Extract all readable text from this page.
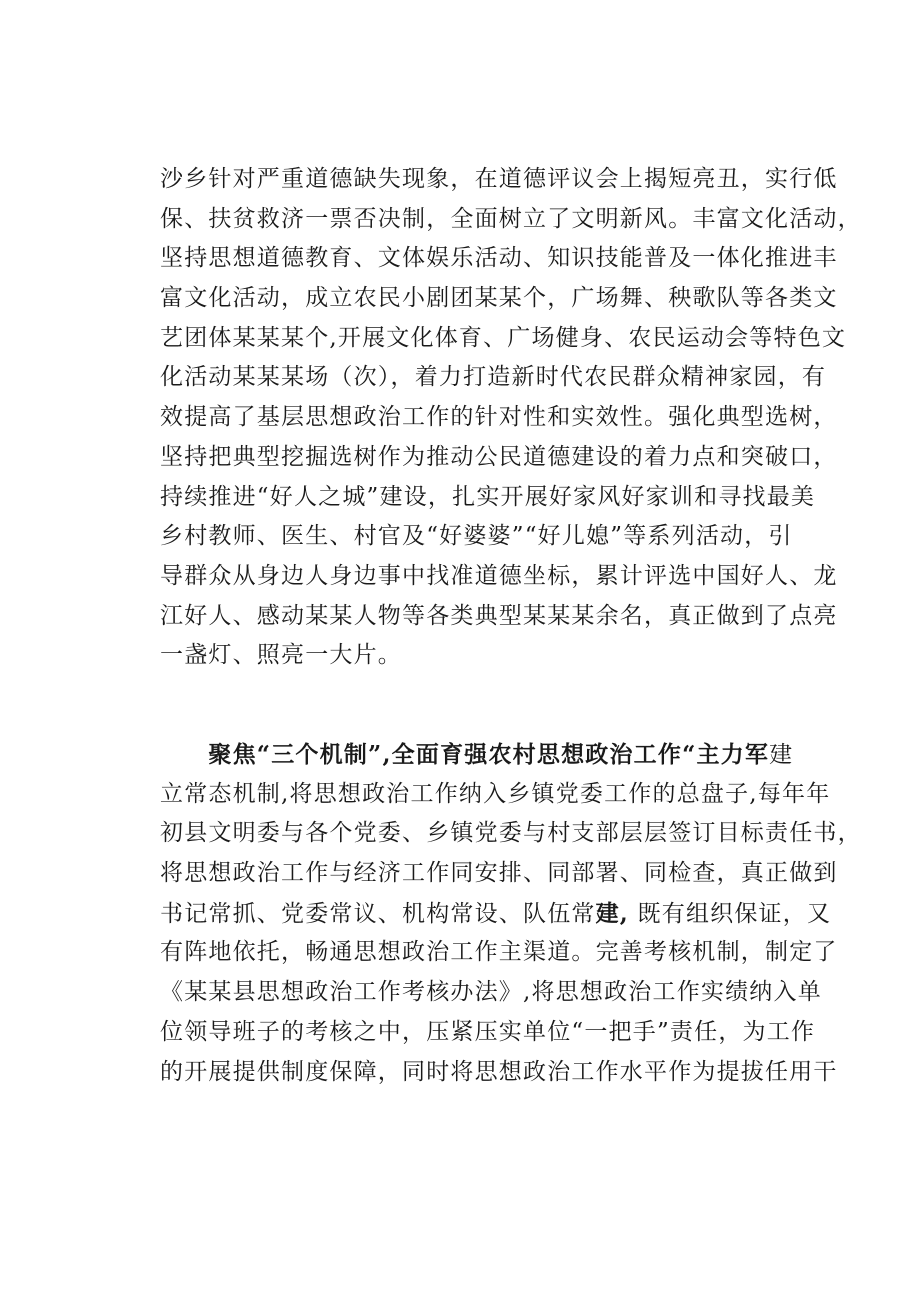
沙乡针对严重道德缺失现象，在道德评议会上揭短亮丑，实行低
保、扶贫救济一票否决制，全面树立了文明新风。丰富文化活动，
坚持思想道德教育、文体娱乐活动、知识技能普及一体化推进丰
富文化活动，成立农民小剧团某某个，广场舞、秧歌队等各类文
艺团体某某某个,开展文化体育、广场健身、农民运动会等特色文
化活动某某某场（次），着力打造新时代农民群众精神家园，有
效提高了基层思想政治工作的针对性和实效性。强化典型选树，
坚持把典型挖掘选树作为推动公民道德建设的着力点和突破口，
持续推进“好人之城”建设，扎实开展好家风好家训和寻找最美
乡村教师、医生、村官及“好婆婆”“好儿媳”等系列活动，引
导群众从身边人身边事中找准道德坐标，累计评选中国好人、龙
江好人、感动某某人物等各类典型某某某余名，真正做到了点亮
一盏灯、照亮一大片。
　　聚焦“三个机制”,全面育强农村思想政治工作“主力军建
立常态机制,将思想政治工作纳入乡镇党委工作的总盘子,每年年
初县文明委与各个党委、乡镇党委与村支部层层签订目标责任书，
将思想政治工作与经济工作同安排、同部署、同检查，真正做到
书记常抓、党委常议、机构常设、队伍常建, 既有组织保证，又
有阵地依托，畅通思想政治工作主渠道。完善考核机制，制定了
《某某县思想政治工作考核办法》,将思想政治工作实绩纳入单
位领导班子的考核之中，压紧压实单位“一把手”责任，为工作
的开展提供制度保障，同时将思想政治工作水平作为提拔任用干
